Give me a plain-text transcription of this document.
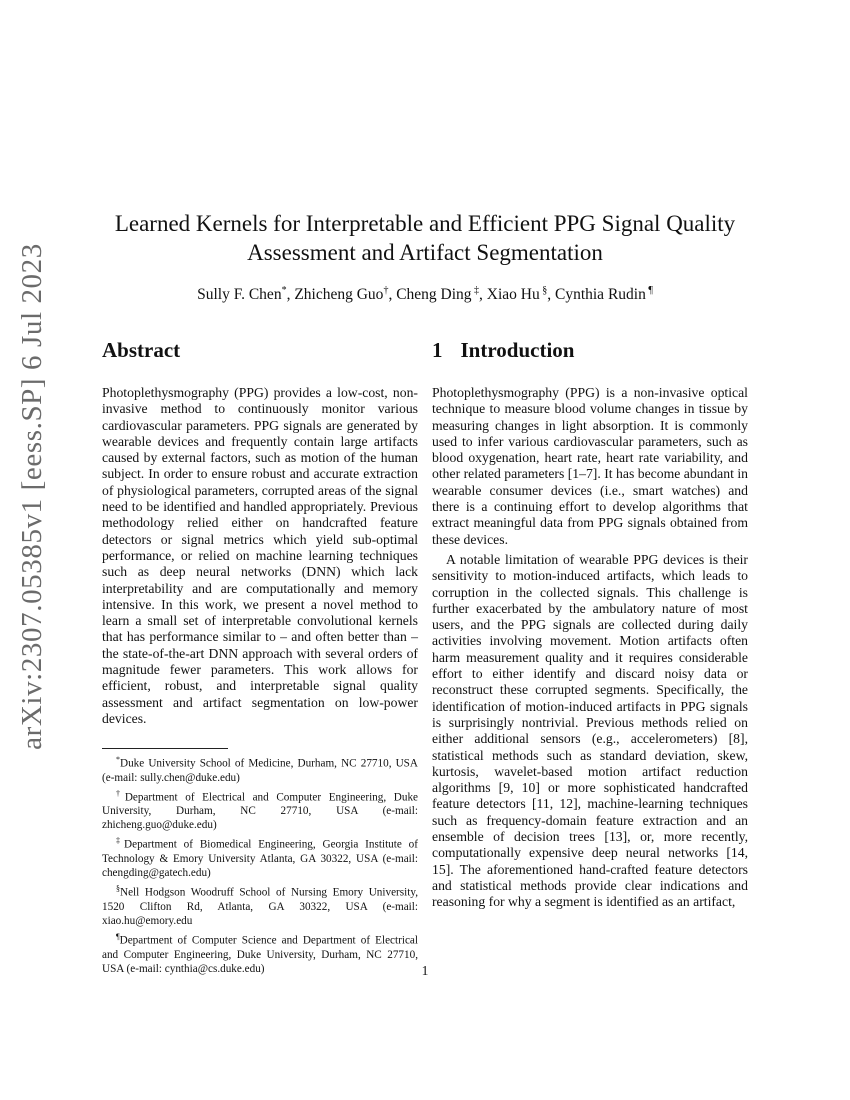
arXiv:2307.05385v1 [eess.SP] 6 Jul 2023
Learned Kernels for Interpretable and Efficient PPG Signal Quality Assessment and Artifact Segmentation
Sully F. Chen*, Zhicheng Guo†, Cheng Ding ‡, Xiao Hu §, Cynthia Rudin ¶
Abstract

Photoplethysmography (PPG) provides a low-cost, non-invasive method to continuously monitor various cardiovascular parameters. PPG signals are generated by wearable devices and frequently contain large artifacts caused by external factors, such as motion of the human subject. In order to ensure robust and accurate extraction of physiological parameters, corrupted areas of the signal need to be identified and handled appropriately. Previous methodology relied either on handcrafted feature detectors or signal metrics which yield sub-optimal performance, or relied on machine learning techniques such as deep neural networks (DNN) which lack interpretability and are computationally and memory intensive. In this work, we present a novel method to learn a small set of interpretable convolutional kernels that has performance similar to – and often better than – the state-of-the-art DNN approach with several orders of magnitude fewer parameters. This work allows for efficient, robust, and interpretable signal quality assessment and artifact segmentation on low-power devices.

*Duke University School of Medicine, Durham, NC 27710, USA (e-mail: sully.chen@duke.edu)

†Department of Electrical and Computer Engineering, Duke University, Durham, NC 27710, USA (e-mail: zhicheng.guo@duke.edu)

‡Department of Biomedical Engineering, Georgia Institute of Technology & Emory University Atlanta, GA 30322, USA (e-mail: chengding@gatech.edu)

§Nell Hodgson Woodruff School of Nursing Emory University, 1520 Clifton Rd, Atlanta, GA 30322, USA (e-mail: xiao.hu@emory.edu

¶Department of Computer Science and Department of Electrical and Computer Engineering, Duke University, Durham, NC 27710, USA (e-mail: cynthia@cs.duke.edu)

1 Introduction

Photoplethysmography (PPG) is a non-invasive optical technique to measure blood volume changes in tissue by measuring changes in light absorption. It is commonly used to infer various cardiovascular parameters, such as blood oxygenation, heart rate, heart rate variability, and other related parameters [1–7]. It has become abundant in wearable consumer devices (i.e., smart watches) and there is a continuing effort to develop algorithms that extract meaningful data from PPG signals obtained from these devices.

A notable limitation of wearable PPG devices is their sensitivity to motion-induced artifacts, which leads to corruption in the collected signals. This challenge is further exacerbated by the ambulatory nature of most users, and the PPG signals are collected during daily activities involving movement. Motion artifacts often harm measurement quality and it requires considerable effort to either identify and discard noisy data or reconstruct these corrupted segments. Specifically, the identification of motion-induced artifacts in PPG signals is surprisingly nontrivial. Previous methods relied on either additional sensors (e.g., accelerometers) [8], statistical methods such as standard deviation, skew, kurtosis, wavelet-based motion artifact reduction algorithms [9, 10] or more sophisticated handcrafted feature detectors [11, 12], machine-learning techniques such as frequency-domain feature extraction and an ensemble of decision trees [13], or, more recently, computationally expensive deep neural networks [14, 15]. The aforementioned hand-crafted feature detectors and statistical methods provide clear indications and reasoning for why a segment is identified as an artifact,

1
